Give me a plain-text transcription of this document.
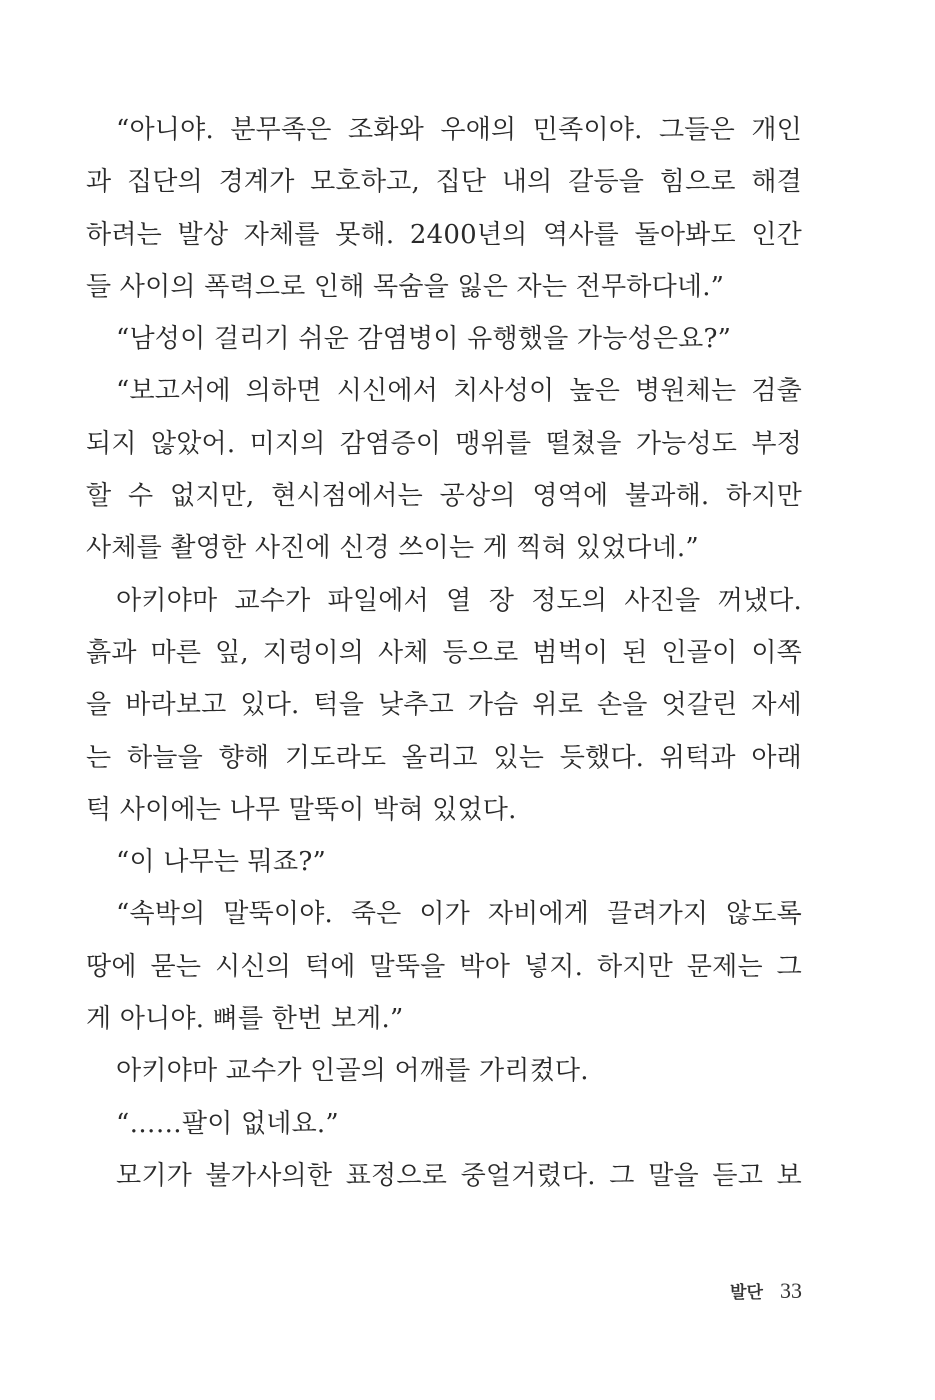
“아니야. 분무족은 조화와 우애의 민족이야. 그들은 개인
과 집단의 경계가 모호하고, 집단 내의 갈등을 힘으로 해결
하려는 발상 자체를 못해. 2400년의 역사를 돌아봐도 인간
들 사이의 폭력으로 인해 목숨을 잃은 자는 전무하다네.”
“남성이 걸리기 쉬운 감염병이 유행했을 가능성은요?”
“보고서에 의하면 시신에서 치사성이 높은 병원체는 검출
되지 않았어. 미지의 감염증이 맹위를 떨쳤을 가능성도 부정
할 수 없지만, 현시점에서는 공상의 영역에 불과해. 하지만
사체를 촬영한 사진에 신경 쓰이는 게 찍혀 있었다네.”
아키야마 교수가 파일에서 열 장 정도의 사진을 꺼냈다.
흙과 마른 잎, 지렁이의 사체 등으로 범벅이 된 인골이 이쪽
을 바라보고 있다. 턱을 낮추고 가슴 위로 손을 엇갈린 자세
는 하늘을 향해 기도라도 올리고 있는 듯했다. 위턱과 아래
턱 사이에는 나무 말뚝이 박혀 있었다.
“이 나무는 뭐죠?”
“속박의 말뚝이야. 죽은 이가 자비에게 끌려가지 않도록
땅에 묻는 시신의 턱에 말뚝을 박아 넣지. 하지만 문제는 그
게 아니야. 뼈를 한번 보게.”
아키야마 교수가 인골의 어깨를 가리켰다.
“……팔이 없네요.”
모기가 불가사의한 표정으로 중얼거렸다. 그 말을 듣고 보
발단 33
